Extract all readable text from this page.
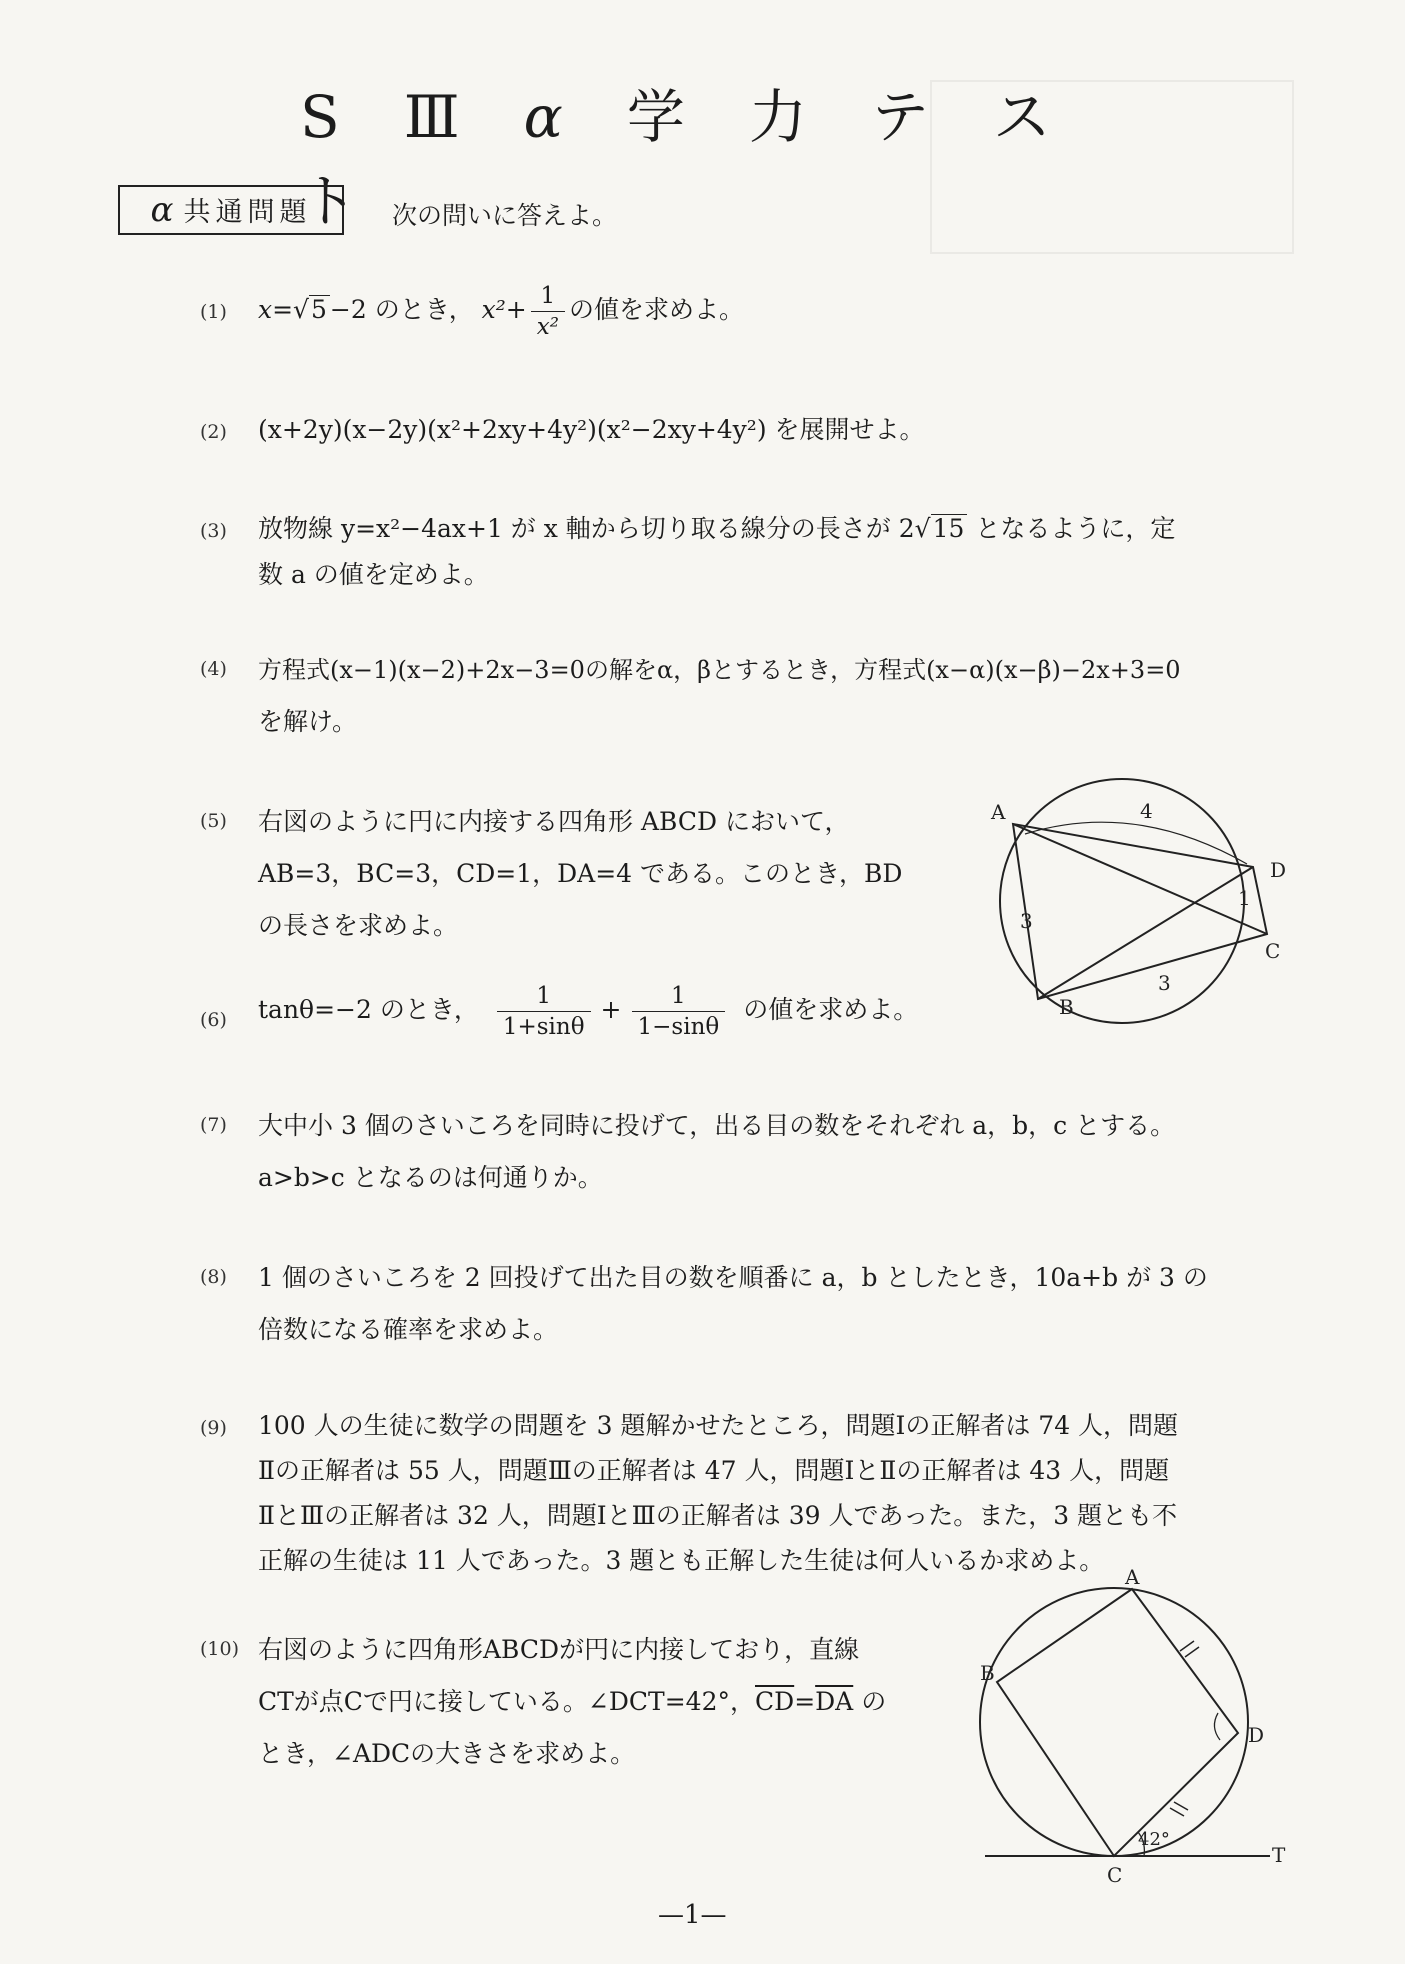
S Ⅲ α 学 力 テ スト
α 共通問題	次の問いに答えよ。
(1) x=√5 −2 のとき， $x^2+ \frac{1}{\text{x²}}$ の値を求めよ。
(2) (x+2y)(x−2y)(x²+2xy+4y²)(x²−2xy+4y²) を展開せよ。
(3) 放物線 y=x²−4ax+1 が x 軸から切り取る線分の長さが 2√15 となるように，定
数 a の値を定めよ。
(4) 方程式(x−1)(x−2)+2x−3=0の解をα，βとするとき，方程式(x−α)(x−β)−2x+3=0
を解け。
(5) 右図のように円に内接する四角形 ABCD において，
AB=3，BC=3，CD=1，DA=4 である。このとき，BD
の長さを求めよ。
A
B
C
D
4
3
3
1
(6) tanθ=−2 のとき， $\frac{1}{1+\sin\theta} + \frac{1}{1-\sin\theta}$ の値を求めよ。
(7) 大中小 3 個のさいころを同時に投げて，出る目の数をそれぞれ a，b，c とする。
a>b>c となるのは何通りか。
(8) 1 個のさいころを 2 回投げて出た目の数を順番に a，b としたとき，10a+b が 3 の
倍数になる確率を求めよ。
(9) 100 人の生徒に数学の問題を 3 題解かせたところ，問題Ⅰの正解者は 74 人，問題
Ⅱの正解者は 55 人，問題Ⅲの正解者は 47 人，問題ⅠとⅡの正解者は 43 人，問題
ⅡとⅢの正解者は 32 人，問題ⅠとⅢの正解者は 39 人であった。また，3 題とも不
正解の生徒は 11 人であった。3 題とも正解した生徒は何人いるか求めよ。
(10) 右図のように四角形ABCDが円に内接しており，直線
CTが点Cで円に接している。∠DCT=42°，$\overline{CD}=\overline{DA}$ の
とき，∠ADCの大きさを求めよ。
A
B
C
D
T
42°
—1—
